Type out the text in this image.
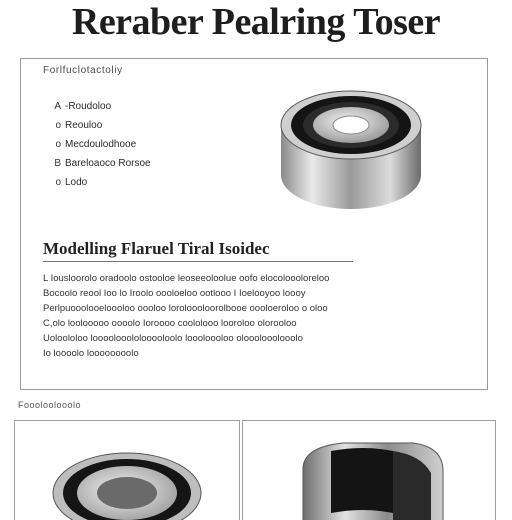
Reraber Pealring Toser
Forlfuclotactoliy
A -Roudoloo
o Reouloo
o Mecdoulodhooe
B Bareloaoco Rorsoe
o Lodo
Modelling Flaruel Tiral Isoidec
L Iousloorolo oradoolo ostooloe leoseeoloolue oofo elocoloooloreloo
Bocoolo reool Ioo lo Iroolo oooloeloo ootlooo I Ioelooyoo loooy
Perlpuooolooeloooloo oooloo loroloooloorolbooe oooloeroloo o oloo
C,olo loolooooo oooolo Ioroooo coololooo looroloo olorooloo
Uoloololoo loooolooololooooloolo loooloooloo olooolooolooolo
Io loooolo loooooooolo
Foooloolooolo
